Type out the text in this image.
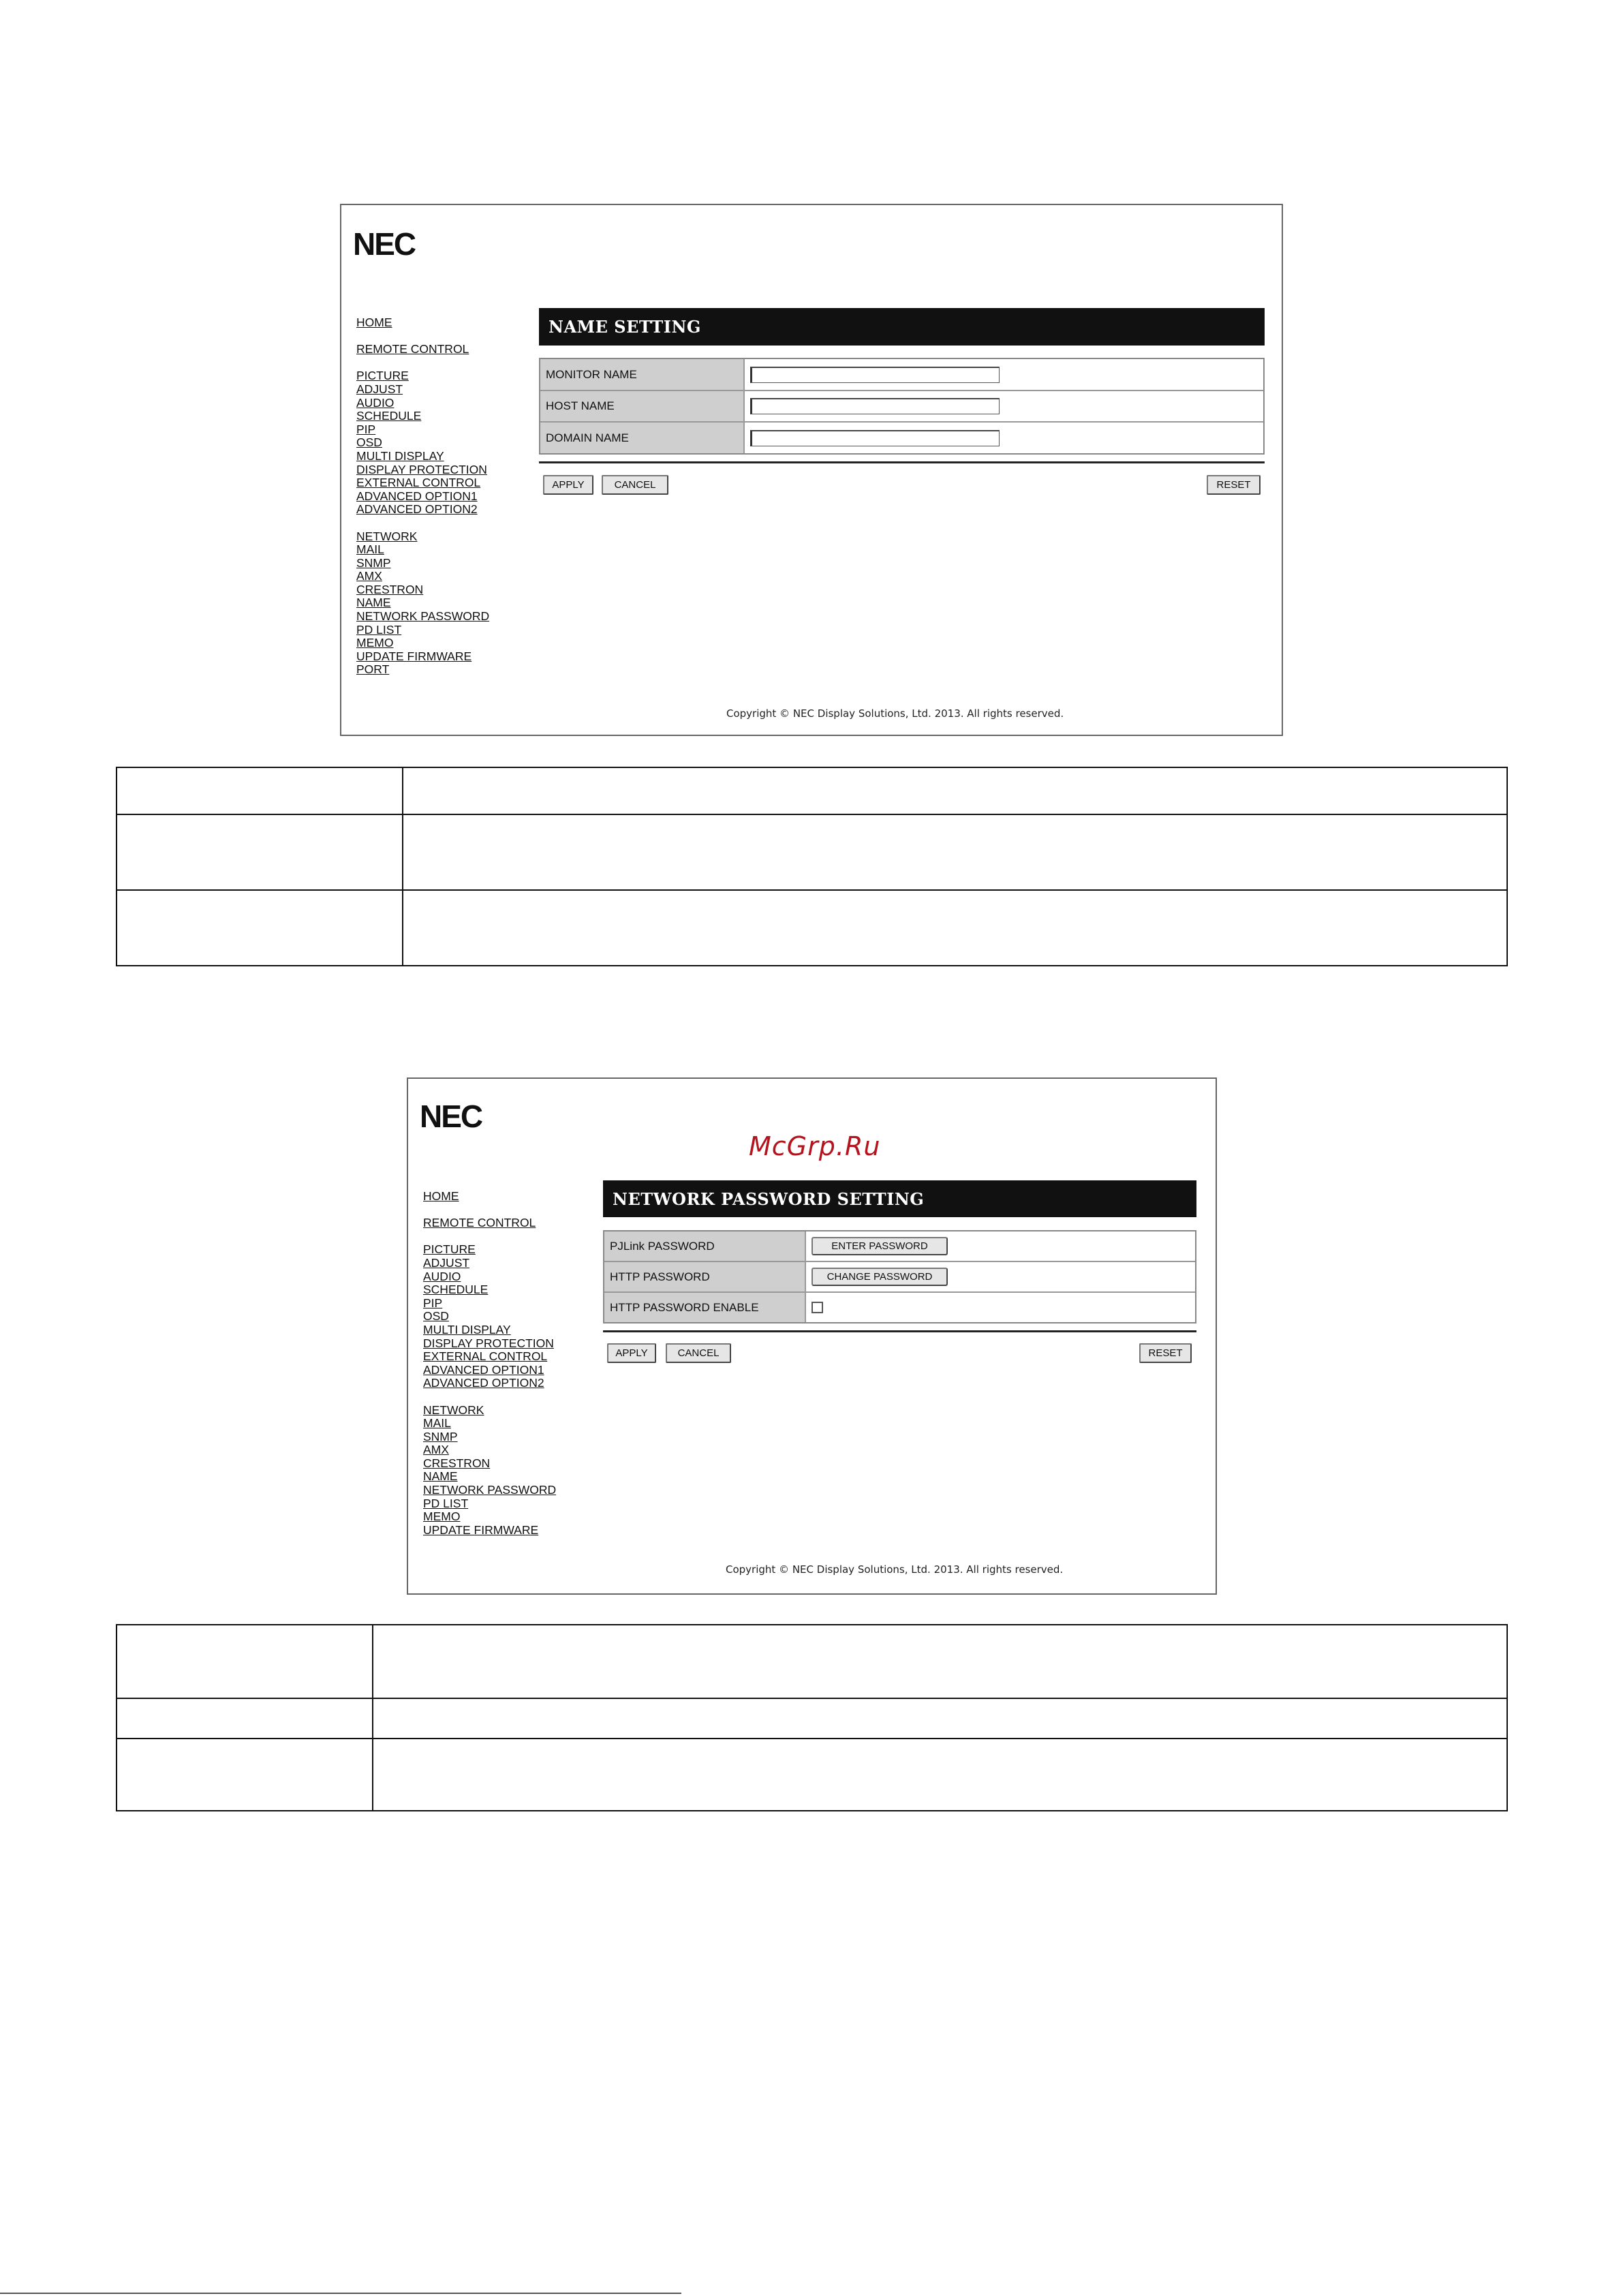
NEC
HOME
REMOTE CONTROL
PICTURE
ADJUST
AUDIO
SCHEDULE
PIP
OSD
MULTI DISPLAY
DISPLAY PROTECTION
EXTERNAL CONTROL
ADVANCED OPTION1
ADVANCED OPTION2
NETWORK
MAIL
SNMP
AMX
CRESTRON
NAME
NETWORK PASSWORD
PD LIST
MEMO
UPDATE FIRMWARE
PORT
NAME SETTING
MONITOR NAME
HOST NAME
DOMAIN NAME
APPLY	CANCEL	RESET
Copyright © NEC Display Solutions, Ltd. 2013. All rights reserved.

NEC
McGrp.Ru
HOME
REMOTE CONTROL
PICTURE
ADJUST
AUDIO
SCHEDULE
PIP
OSD
MULTI DISPLAY
DISPLAY PROTECTION
EXTERNAL CONTROL
ADVANCED OPTION1
ADVANCED OPTION2
NETWORK
MAIL
SNMP
AMX
CRESTRON
NAME
NETWORK PASSWORD
PD LIST
MEMO
UPDATE FIRMWARE
NETWORK PASSWORD SETTING
PJLink PASSWORD	ENTER PASSWORD
HTTP PASSWORD	CHANGE PASSWORD
HTTP PASSWORD ENABLE
APPLY	CANCEL	RESET
Copyright © NEC Display Solutions, Ltd. 2013. All rights reserved.
